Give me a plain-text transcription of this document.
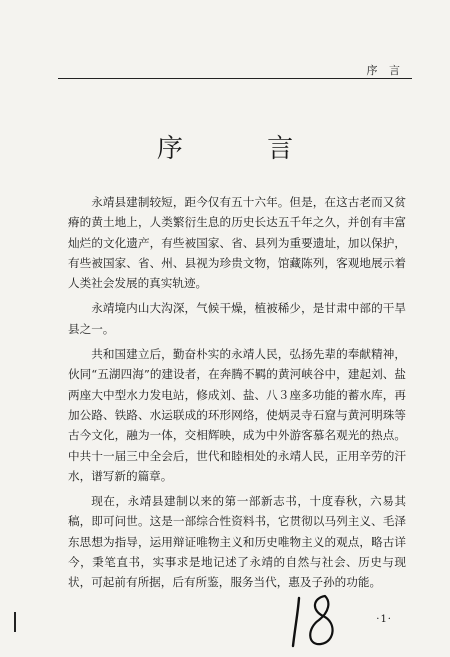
序 言
序 言

永靖县建制较短，距今仅有五十六年。但是，在这古老而又贫瘠的黄土地上，人类繁衍生息的历史长达五千年之久，并创有丰富灿烂的文化遗产，有些被国家、省、县列为重要遗址，加以保护，有些被国家、省、州、县视为珍贵文物，馆藏陈列，客观地展示着人类社会发展的真实轨迹。

永靖境内山大沟深，气候干燥，植被稀少，是甘肃中部的干旱县之一。

共和国建立后，勤奋朴实的永靖人民，弘扬先辈的奉献精神，伙同“五湖四海”的建设者，在奔腾不羁的黄河峡谷中，建起刘、盐两座大中型水力发电站，修成刘、盐、八３座多功能的蓄水库，再加公路、铁路、水运联成的环形网络，使炳灵寺石窟与黄河明珠等古今文化，融为一体，交相辉映，成为中外游客慕名观光的热点。中共十一届三中全会后，世代和睦相处的永靖人民，正用辛劳的汗水，谱写新的篇章。

现在，永靖县建制以来的第一部新志书，十度春秋，六易其稿，即可问世。这是一部综合性资料书，它贯彻以马列主义、毛泽东思想为指导，运用辩证唯物主义和历史唯物主义的观点，略古详今，秉笔直书，实事求是地记述了永靖的自然与社会、历史与现状，可起前有所据，后有所鉴，服务当代，惠及子孙的功能。

·1·
